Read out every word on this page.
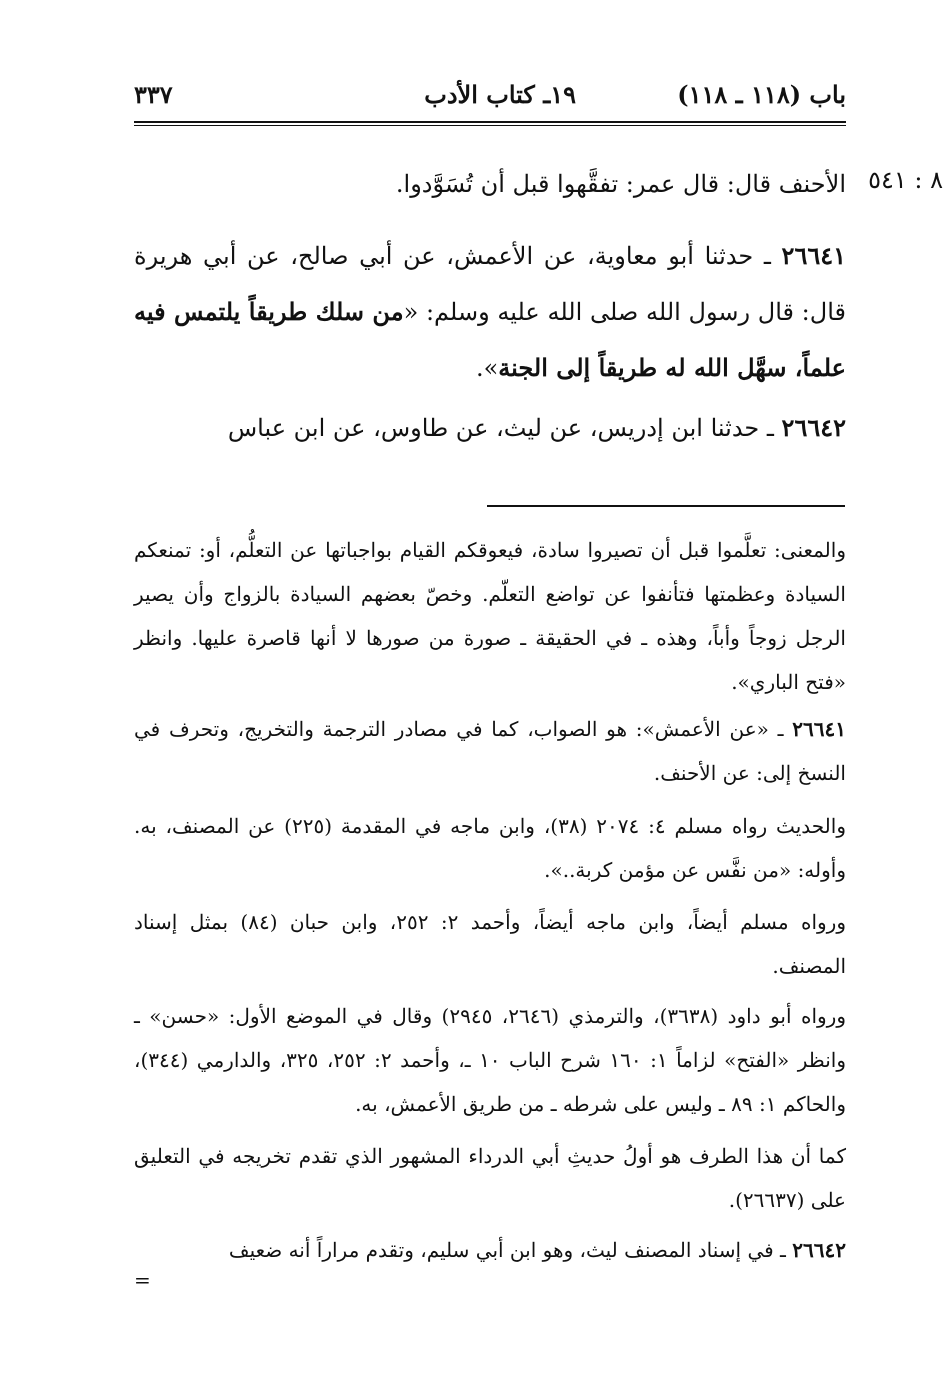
باب (١١٨ ـ ١١٨)
١٩ـ كتاب الأدب
٣٣٧
٨ : ٥٤١
الأحنف قال: قال عمر: تفقَّهوا قبل أن تُسَوَّدوا.
٢٦٦٤١ ـ حدثنا أبو معاوية، عن الأعمش، عن أبي صالح، عن أبي هريرة قال: قال رسول الله صلى الله عليه وسلم: «من سلك طريقاً يلتمس فيه علماً، سهَّل الله له طريقاً إلى الجنة».
٢٦٦٤٢ ـ حدثنا ابن إدريس، عن ليث، عن طاوس، عن ابن عباس
والمعنى: تعلَّموا قبل أن تصيروا سادة، فيعوقكم القيام بواجباتها عن التعلُّم، أو: تمنعكم السيادة وعظمتها فتأنفوا عن تواضع التعلّم. وخصّ بعضهم السيادة بالزواج وأن يصير الرجل زوجاً وأباً، وهذه ـ في الحقيقة ـ صورة من صورها لا أنها قاصرة عليها. وانظر «فتح الباري».
٢٦٦٤١ ـ «عن الأعمش»: هو الصواب، كما في مصادر الترجمة والتخريج، وتحرف في النسخ إلى: عن الأحنف.
والحديث رواه مسلم ٤: ٢٠٧٤ (٣٨)، وابن ماجه في المقدمة (٢٢٥) عن المصنف، به. وأوله: «من نفَّس عن مؤمن كربة..».
ورواه مسلم أيضاً، وابن ماجه أيضاً، وأحمد ٢: ٢٥٢، وابن حبان (٨٤) بمثل إسناد المصنف.
ورواه أبو داود (٣٦٣٨)، والترمذي (٢٦٤٦، ٢٩٤٥) وقال في الموضع الأول: «حسن» ـ وانظر «الفتح» لزاماً ١: ١٦٠ شرح الباب ١٠ ـ، وأحمد ٢: ٢٥٢، ٣٢٥، والدارمي (٣٤٤)، والحاكم ١: ٨٩ ـ وليس على شرطه ـ من طريق الأعمش، به.
كما أن هذا الطرف هو أولُ حديثِ أبي الدرداء المشهور الذي تقدم تخريجه في التعليق على (٢٦٦٣٧).
٢٦٦٤٢ ـ في إسناد المصنف ليث، وهو ابن أبي سليم، وتقدم مراراً أنه ضعيف
=
